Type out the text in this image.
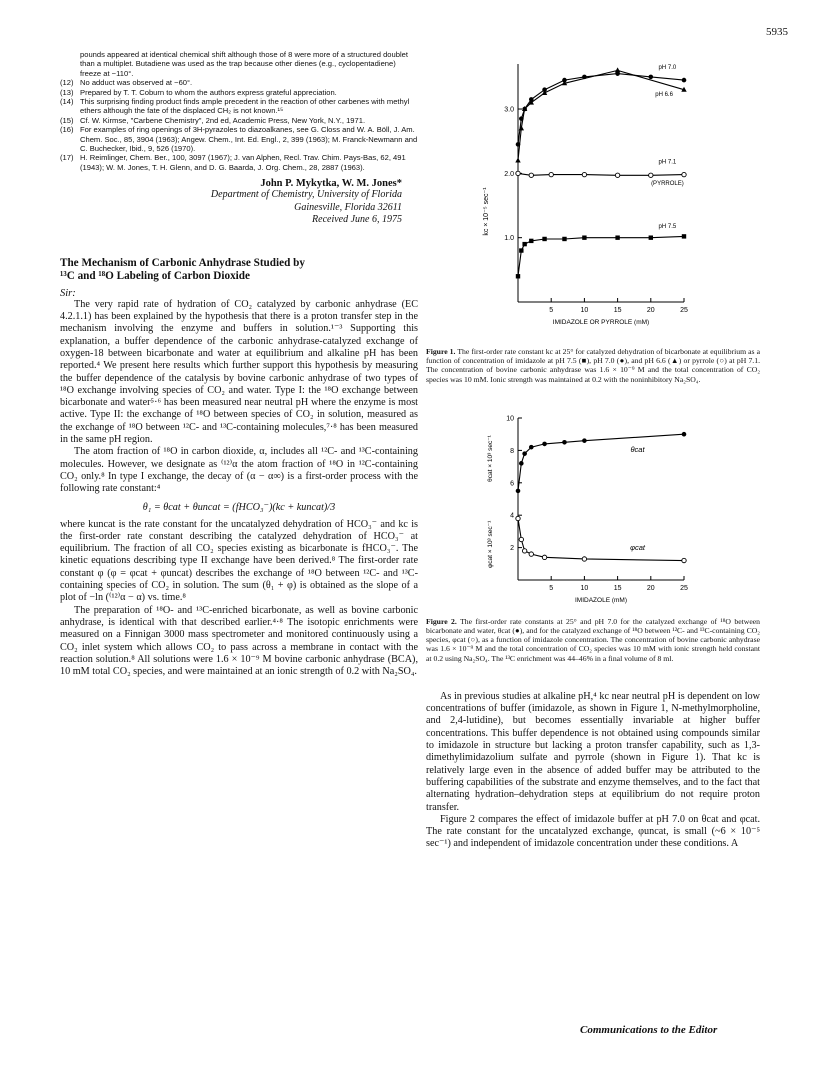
5935
pounds appeared at identical chemical shift although those of 8 were more of a structured doublet than a multiplet. Butadiene was used as the trap because other dienes (e.g., cyclopentadiene) freeze at −110°.
(12) No adduct was observed at −60°.
(13) Prepared by T. T. Coburn to whom the authors express grateful appreciation.
(14) This surprising finding product finds ample precedent in the reaction of other carbenes with methyl ethers although the fate of the displaced CH₂ is not known.¹⁵
(15) Cf. W. Kirmse, "Carbene Chemistry", 2nd ed, Academic Press, New York, N.Y., 1971.
(16) For examples of ring openings of 3H-pyrazoles to diazoalkanes, see G. Closs and W. A. Böll, J. Am. Chem. Soc., 85, 3904 (1963); Angew. Chem., Int. Ed. Engl., 2, 399 (1963); M. Franck-Newmann and C. Buchecker, Ibid., 9, 526 (1970).
(17) H. Reimlinger, Chem. Ber., 100, 3097 (1967); J. van Alphen, Recl. Trav. Chim. Pays-Bas, 62, 491 (1943); W. M. Jones, T. H. Glenn, and D. G. Baarda, J. Org. Chem., 28, 2887 (1963).
John P. Mykytka, W. M. Jones*
Department of Chemistry, University of Florida
Gainesville, Florida 32611
Received June 6, 1975
The Mechanism of Carbonic Anhydrase Studied by
¹³C and ¹⁸O Labeling of Carbon Dioxide
Sir:

The very rapid rate of hydration of CO₂ catalyzed by carbonic anhydrase (EC 4.2.1.1) has been explained by the hypothesis that there is a proton transfer step in the mechanism involving the enzyme and buffers in solution.¹⁻³ Supporting this explanation, a buffer dependence of the carbonic anhydrase-catalyzed exchange of oxygen-18 between bicarbonate and water at equilibrium and alkaline pH has been reported.⁴ We present here results which further support this hypothesis by measuring the buffer dependence of the catalysis by bovine carbonic anhydrase of two types of ¹⁸O exchange involving species of CO₂ and water. Type I: the ¹⁸O exchange between bicarbonate and water⁵·⁶ has been measured near neutral pH where the enzyme is most active. Type II: the exchange of ¹⁸O between species of CO₂ in solution, measured as the exchange of ¹⁸O between ¹²C- and ¹³C-containing molecules,⁷·⁸ has been measured in the same pH region.

The atom fraction of ¹⁸O in carbon dioxide, α, includes all ¹²C- and ¹³C-containing molecules. However, we designate as ⁽¹²⁾α the atom fraction of ¹⁸O in ¹²C-containing CO₂ only.⁸ In type I exchange, the decay of (α − α∞) is a first-order process with the following rate constant:⁴

θ₁ = θcat + θuncat = (fHCO₃⁻)(kc + kuncat)/3

where kuncat is the rate constant for the uncatalyzed dehydration of HCO₃⁻ and kc is the first-order rate constant describing the catalyzed dehydration of HCO₃⁻ at equilibrium. The fraction of all CO₂ species existing as bicarbonate is fHCO₃⁻. The kinetic equations describing type II exchange have been derived.⁸ The first-order rate constant φ (φ = φcat + φuncat) describes the exchange of ¹⁸O between ¹²C- and ¹³C-containing species of CO₂ in solution. The sum (θ₁ + φ) is obtained as the slope of a plot of −ln (⁽¹²⁾α − α) vs. time.⁸

The preparation of ¹⁸O- and ¹³C-enriched bicarbonate, as well as bovine carbonic anhydrase, is identical with that described earlier.⁴·⁸ The isotopic enrichments were measured on a Finnigan 3000 mass spectrometer and monitored continuously using a CO₂ inlet system which allows CO₂ to pass across a membrane in contact with the reaction solution.⁸ All solutions were 1.6 × 10⁻⁹ M bovine carbonic anhydrase (BCA), 10 mM total CO₂ species, and were maintained at an ionic strength of 0.2 with Na₂SO₄.

5	10	15	20	25
1.0
2.0
3.0
IMIDAZOLE OR PYRROLE (mM)
pH 7.0
pH 6.6
pH 7.1
(PYRROLE)
pH 7.5
kc × 10⁻⁵ sec⁻¹
Figure 1. The first-order rate constant kc at 25° for catalyzed dehydration of bicarbonate at equilibrium as a function of concentration of imidazole at pH 7.5 (■), pH 7.0 (●), and pH 6.6 (▲) or pyrrole (○) at pH 7.1. The concentration of bovine carbonic anhydrase was 1.6 × 10⁻⁹ M and the total concentration of CO₂ species was 10 mM. Ionic strength was maintained at 0.2 with the noninhibitory Na₂SO₄.
5	10	15	20	25
2
4
6
8
10
IMIDAZOLE (mM)
θcat
φcat
θcat × 10³ sec⁻¹
φcat × 10³ sec⁻¹
Figure 2. The first-order rate constants at 25° and pH 7.0 for the catalyzed exchange of ¹⁸O between bicarbonate and water, θcat (●), and for the catalyzed exchange of ¹⁸O between ¹²C- and ¹³C-containing CO₂ species, φcat (○), as a function of imidazole concentration. The concentration of bovine carbonic anhydrase was 1.6 × 10⁻⁹ M and the total concentration of CO₂ species was 10 mM with ionic strength held constant at 0.2 using Na₂SO₄. The ¹³C enrichment was 44–46% in a final volume of 8 ml.

As in previous studies at alkaline pH,⁴ kc near neutral pH is dependent on low concentrations of buffer (imidazole, as shown in Figure 1, N-methylmorpholine, and 2,4-lutidine), but becomes essentially invariable at higher buffer concentrations. This buffer dependence is not obtained using compounds similar to imidazole in structure but lacking a proton transfer capability, such as 1,3-dimethylimidazolium sulfate and pyrrole (shown in Figure 1). That kc is relatively large even in the absence of added buffer may be attributed to the buffering capabilities of the substrate and enzyme themselves, and to the fact that alternating hydration–dehydration steps at equilibrium do not require proton transfer.

Figure 2 compares the effect of imidazole buffer at pH 7.0 on θcat and φcat. The rate constant for the uncatalyzed exchange, φuncat, is small (~6 × 10⁻⁵ sec⁻¹) and independent of imidazole concentration under these conditions. A

Communications to the Editor
